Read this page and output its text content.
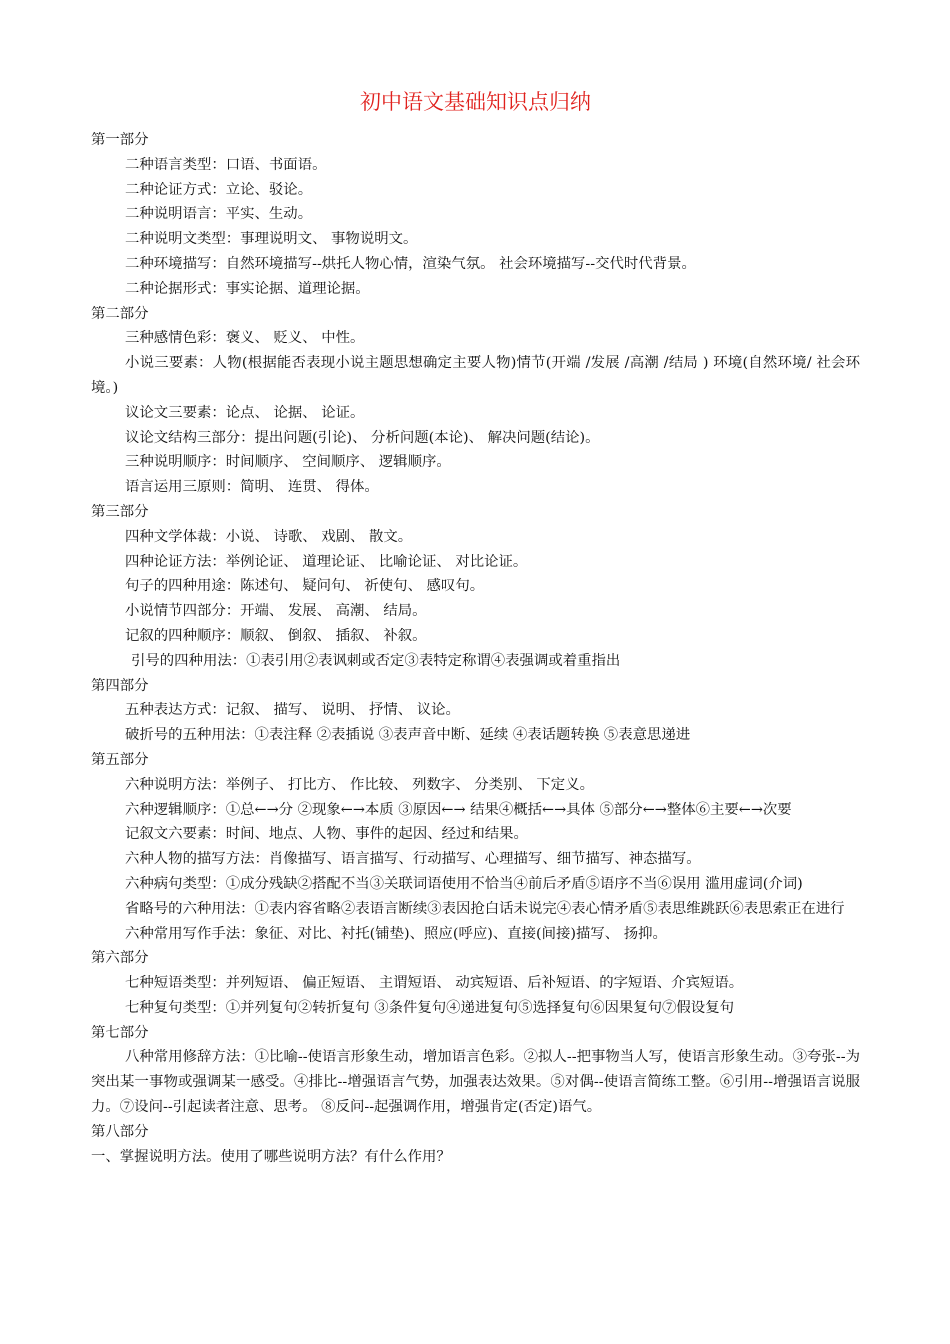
初中语文基础知识点归纳
第一部分
二种语言类型：口语、书面语。
二种论证方式：立论、驳论。
二种说明语言：平实、生动。
二种说明文类型：事理说明文、 事物说明文。
二种环境描写：自然环境描写--烘托人物心情，渲染气氛。 社会环境描写--交代时代背景。
二种论据形式：事实论据、道理论据。
第二部分
三种感情色彩：褒义、 贬义、 中性。
小说三要素：人物(根据能否表现小说主题思想确定主要人物)情节(开端 /发展 /高潮 /结局 ) 环境(自然环境/ 社会环境。)
议论文三要素：论点、 论据、 论证。
议论文结构三部分：提出问题(引论)、 分析问题(本论)、 解决问题(结论)。
三种说明顺序：时间顺序、 空间顺序、 逻辑顺序。
语言运用三原则：简明、 连贯、 得体。
第三部分
四种文学体裁：小说、 诗歌、 戏剧、 散文。
四种论证方法：举例论证、 道理论证、 比喻论证、 对比论证。
句子的四种用途：陈述句、 疑问句、 祈使句、 感叹句。
小说情节四部分：开端、 发展、 高潮、 结局。
记叙的四种顺序：顺叙、 倒叙、 插叙、 补叙。
引号的四种用法：①表引用②表讽刺或否定③表特定称谓④表强调或着重指出
第四部分
五种表达方式：记叙、 描写、 说明、 抒情、 议论。
破折号的五种用法：①表注释 ②表插说 ③表声音中断、延续 ④表话题转换 ⑤表意思递进
第五部分
六种说明方法：举例子、 打比方、 作比较、 列数字、 分类别、 下定义。
六种逻辑顺序：①总←→分 ②现象←→本质 ③原因←→ 结果④概括←→具体 ⑤部分←→整体⑥主要←→次要
记叙文六要素：时间、地点、人物、事件的起因、经过和结果。
六种人物的描写方法：肖像描写、语言描写、行动描写、心理描写、细节描写、神态描写。
六种病句类型：①成分残缺②搭配不当③关联词语使用不恰当④前后矛盾⑤语序不当⑥误用 滥用虚词(介词)
省略号的六种用法：①表内容省略②表语言断续③表因抢白话未说完④表心情矛盾⑤表思维跳跃⑥表思索正在进行
六种常用写作手法：象征、对比、衬托(铺垫)、照应(呼应)、直接(间接)描写、 扬抑。
第六部分
七种短语类型：并列短语、 偏正短语、 主谓短语、 动宾短语、后补短语、的字短语、介宾短语。
七种复句类型：①并列复句②转折复句 ③条件复句④递进复句⑤选择复句⑥因果复句⑦假设复句
第七部分
八种常用修辞方法：①比喻--使语言形象生动，增加语言色彩。②拟人--把事物当人写，使语言形象生动。③夸张--为突出某一事物或强调某一感受。④排比--增强语言气势，加强表达效果。⑤对偶--使语言简练工整。⑥引用--增强语言说服力。⑦设问--引起读者注意、思考。 ⑧反问--起强调作用，增强肯定(否定)语气。
第八部分
一、掌握说明方法。使用了哪些说明方法？有什么作用？
